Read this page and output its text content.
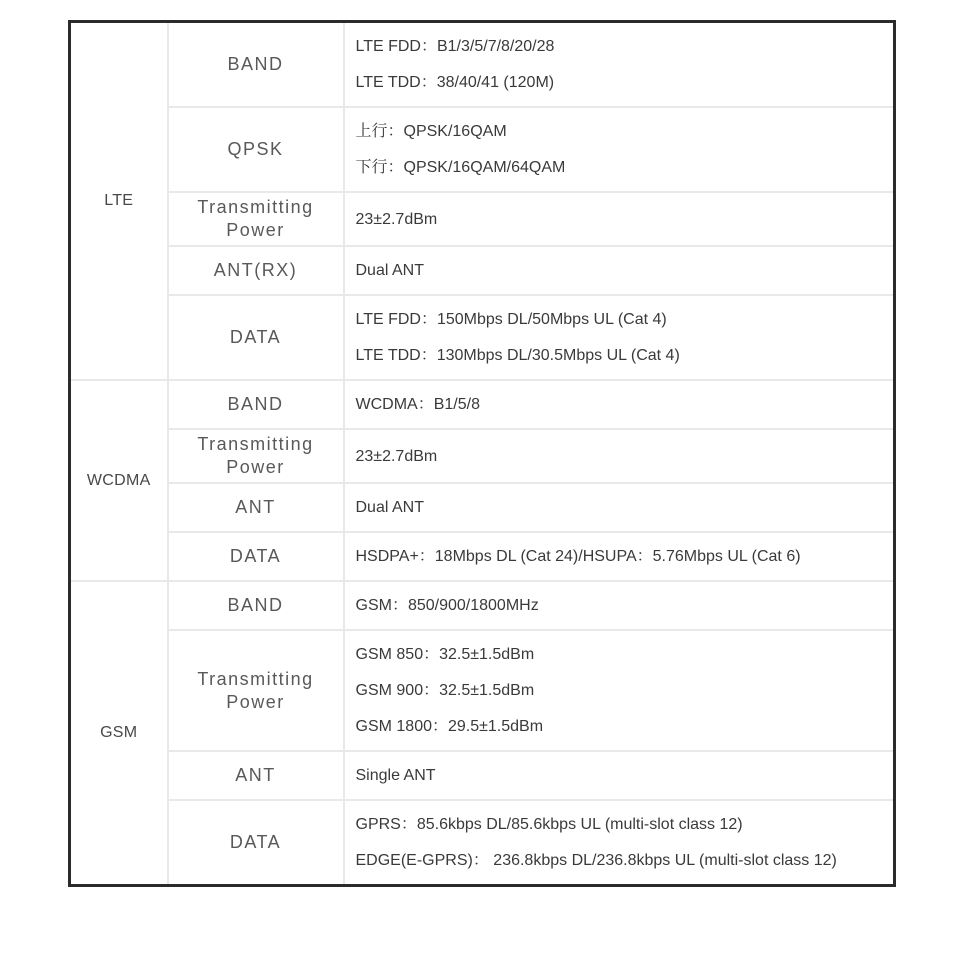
LTE	BAND	LTE FDD：B1/3/5/7/8/20/28
LTE TDD：38/40/41 (120M)

	QPSK	上行：QPSK/16QAM
下行：QPSK/16QAM/64QAM

	Transmitting Power	23±2.7dBm

	ANT(RX)	Dual ANT

	DATA	LTE FDD：150Mbps DL/50Mbps UL (Cat 4)
LTE TDD：130Mbps DL/30.5Mbps UL (Cat 4)

WCDMA	BAND	WCDMA：B1/5/8

	Transmitting Power	23±2.7dBm

	ANT	Dual ANT

	DATA	HSDPA+：18Mbps DL (Cat 24)/HSUPA：5.76Mbps UL (Cat 6)

GSM	BAND	GSM：850/900/1800MHz

	Transmitting Power	GSM 850：32.5±1.5dBm
GSM 900：32.5±1.5dBm
GSM 1800：29.5±1.5dBm

	ANT	Single ANT

	DATA	GPRS：85.6kbps DL/85.6kbps UL (multi-slot class 12)
EDGE(E-GPRS)： 236.8kbps DL/236.8kbps UL (multi-slot class 12)
